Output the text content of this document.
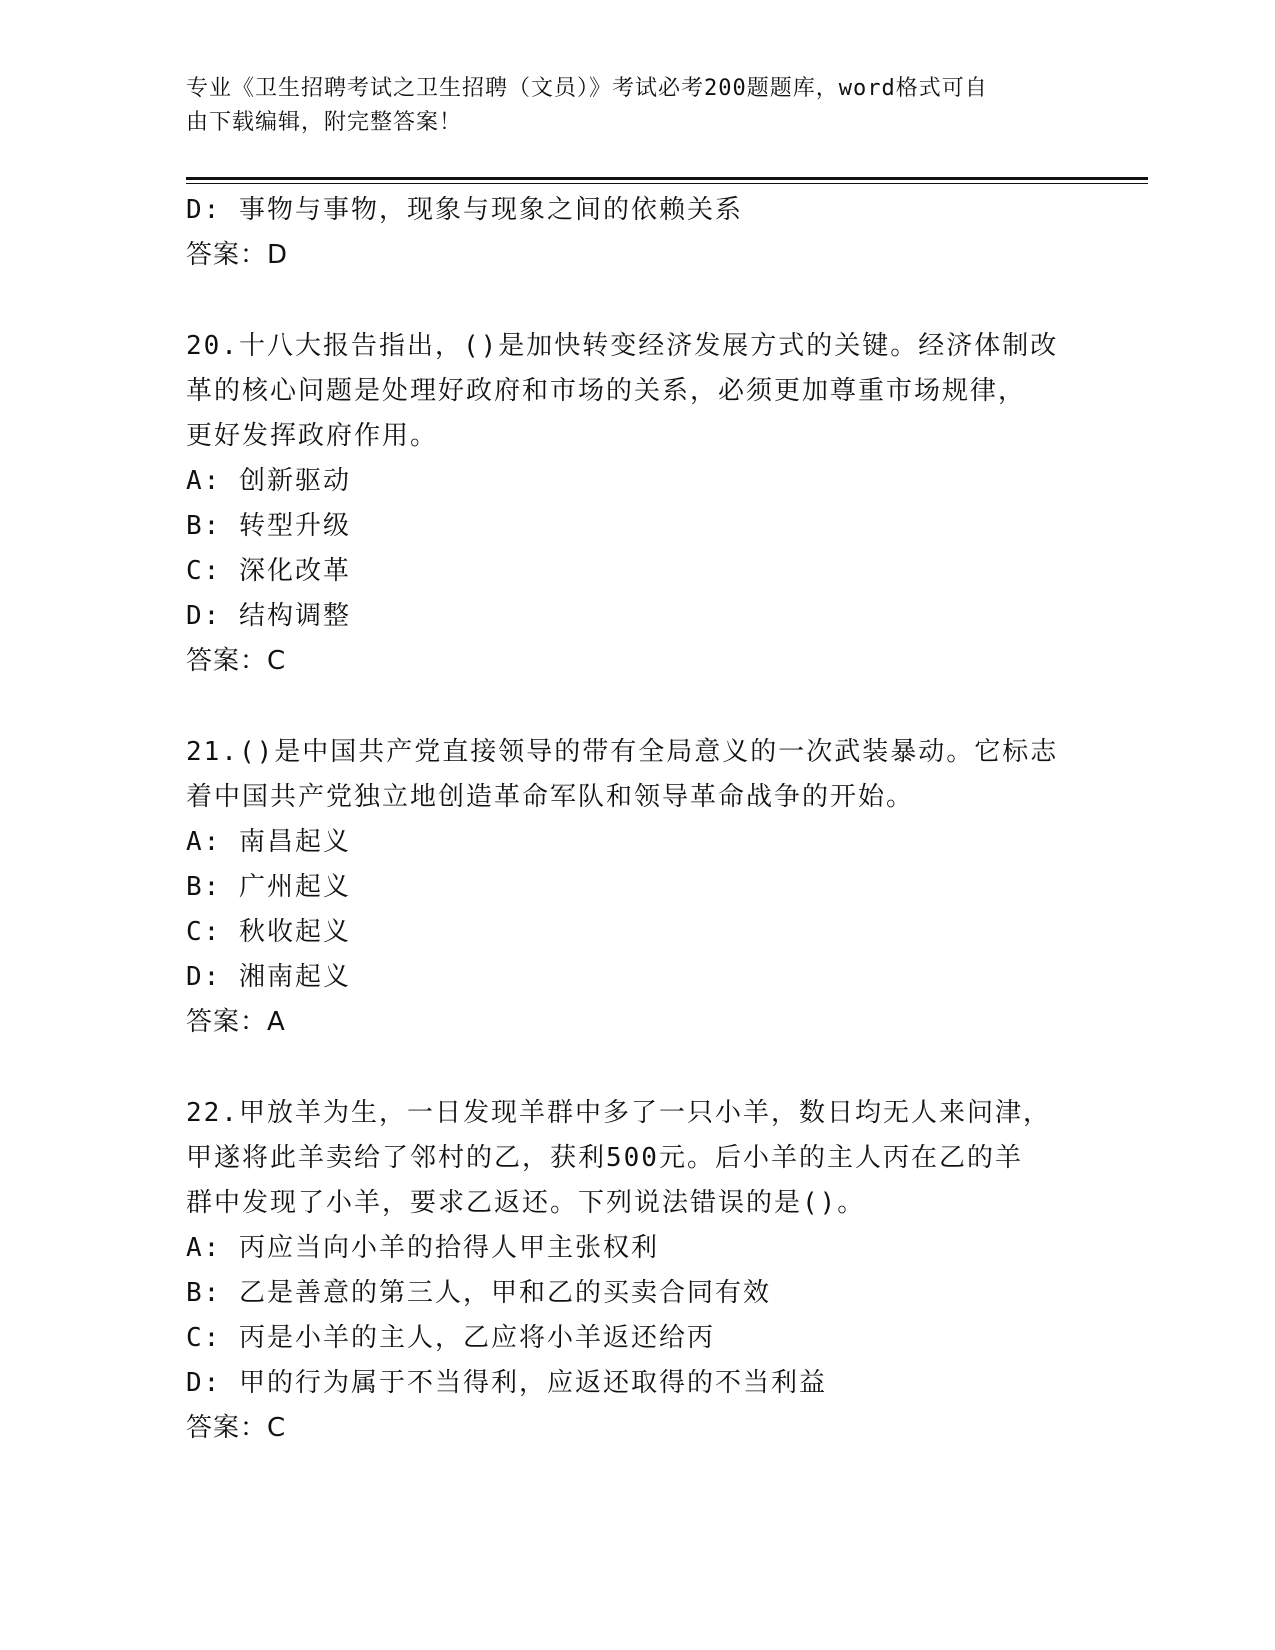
专业《卫生招聘考试之卫生招聘（文员）》考试必考200题题库，word格式可自
由下载编辑，附完整答案！
D: 事物与事物，现象与现象之间的依赖关系
答案：D
20.十八大报告指出，()是加快转变经济发展方式的关键。经济体制改
革的核心问题是处理好政府和市场的关系，必须更加尊重市场规律，
更好发挥政府作用。
A: 创新驱动
B: 转型升级
C: 深化改革
D: 结构调整
答案：C
21.()是中国共产党直接领导的带有全局意义的一次武装暴动。它标志
着中国共产党独立地创造革命军队和领导革命战争的开始。
A: 南昌起义
B: 广州起义
C: 秋收起义
D: 湘南起义
答案：A
22.甲放羊为生，一日发现羊群中多了一只小羊，数日均无人来问津，
甲遂将此羊卖给了邻村的乙，获利500元。后小羊的主人丙在乙的羊
群中发现了小羊，要求乙返还。下列说法错误的是()。
A: 丙应当向小羊的拾得人甲主张权利
B: 乙是善意的第三人，甲和乙的买卖合同有效
C: 丙是小羊的主人，乙应将小羊返还给丙
D: 甲的行为属于不当得利，应返还取得的不当利益
答案：C
